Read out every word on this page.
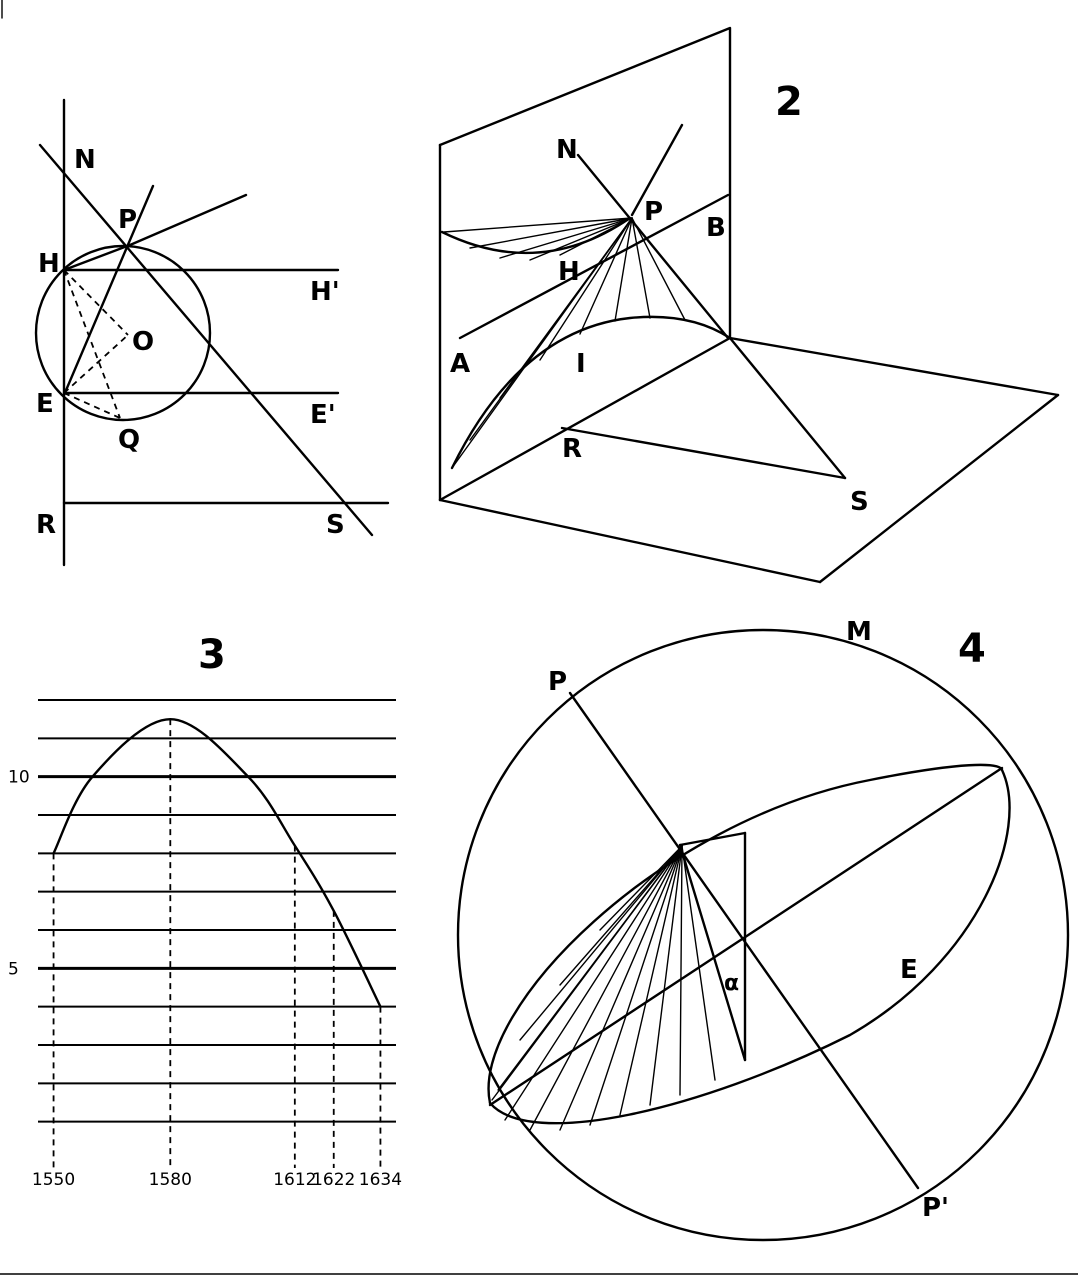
N
P
H
H'
O
E	E'
Q
R	S
2
N
P
B
H
A	I
R
S
3
10
5
1550	1580	1612
1622 1634
4
P
M
E
α
P'
